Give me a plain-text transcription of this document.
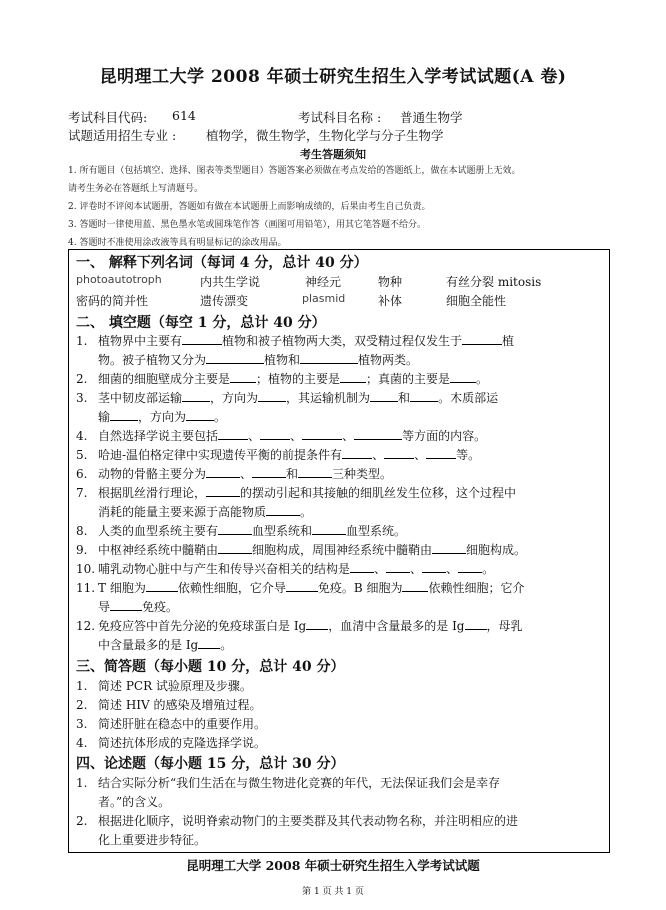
昆明理工大学 2008 年硕士研究生招生入学考试试题(A 卷)
考试科目代码: 614	考试科目名称 : 普通生物学
试题适用招生专业 : 植物学，微生物学，生物化学与分子生物学
考生答题须知
1. 所有题目（包括填空、选择、图表等类型题目）答题答案必须做在考点发给的答题纸上，做在本试题册上无效。
请考生务必在答题纸上写清题号。
2. 评卷时不评阅本试题册，答题如有做在本试题册上而影响成绩的，后果由考生自己负责。
3. 答题时一律使用蓝、黑色墨水笔或圆珠笔作答（画图可用铅笔），用其它笔答题不给分。
4. 答题时不准使用涂改液等具有明显标记的涂改用品。
一、 解释下列名词（每词 4 分，总计 40 分）
photoautotroph	内共生学说	神经元	物种	有丝分裂 mitosis
密码的简并性	遗传漂变	plasmid	补体	细胞全能性
二、 填空题（每空 1 分，总计 40 分）
1. 植物界中主要有	植物和被子植物两大类，双受精过程仅发生于	植
物。被子植物又分为	植物和	植物两类。
2. 细菌的细胞壁成分主要是 ；植物的主要是 ；真菌的主要是 。
3. 茎中韧皮部运输 ，方向为 ，其运输机制为 和 。木质部运
输 ，方向为 。
4. 自然选择学说主要包括	、	、	、	等方面的内容。
5. 哈迪-温伯格定律中实现遗传平衡的前提条件有	、	、	等。
6. 动物的骨骼主要分为	、	和	三种类型。
7. 根据肌丝滑行理论，	的摆动引起和其接触的细肌丝发生位移，这个过程中
消耗的能量主要来源于高能物质	。
8. 人类的血型系统主要有	血型系统和	血型系统。
9. 中枢神经系统中髓鞘由	细胞构成，周围神经系统中髓鞘由	细胞构成。
10. 哺乳动物心脏中与产生和传导兴奋相关的结构是 、 、 、 。
11. T 细胞为	依赖性细胞，它介导	免疫。B 细胞为 依赖性细胞；它介
导	免疫。
12. 免疫应答中首先分泌的免疫球蛋白是 Ig ，血清中含量最多的是 Ig ，母乳
中含量最多的是 Ig 。
三、简答题（每小题 10 分，总计 40 分）
1. 简述 PCR 试验原理及步骤。
2. 简述 HIV 的感染及增殖过程。
3. 简述肝脏在稳态中的重要作用。
4. 简述抗体形成的克隆选择学说。
四、论述题（每小题 15 分，总计 30 分）
1. 结合实际分析“我们生活在与微生物进化竞赛的年代，无法保证我们会是幸存
者。”的含义。
2. 根据进化顺序，说明脊索动物门的主要类群及其代表动物名称，并注明相应的进
化上重要进步特征。
昆明理工大学 2008 年硕士研究生招生入学考试试题
第 1 页 共 1 页
